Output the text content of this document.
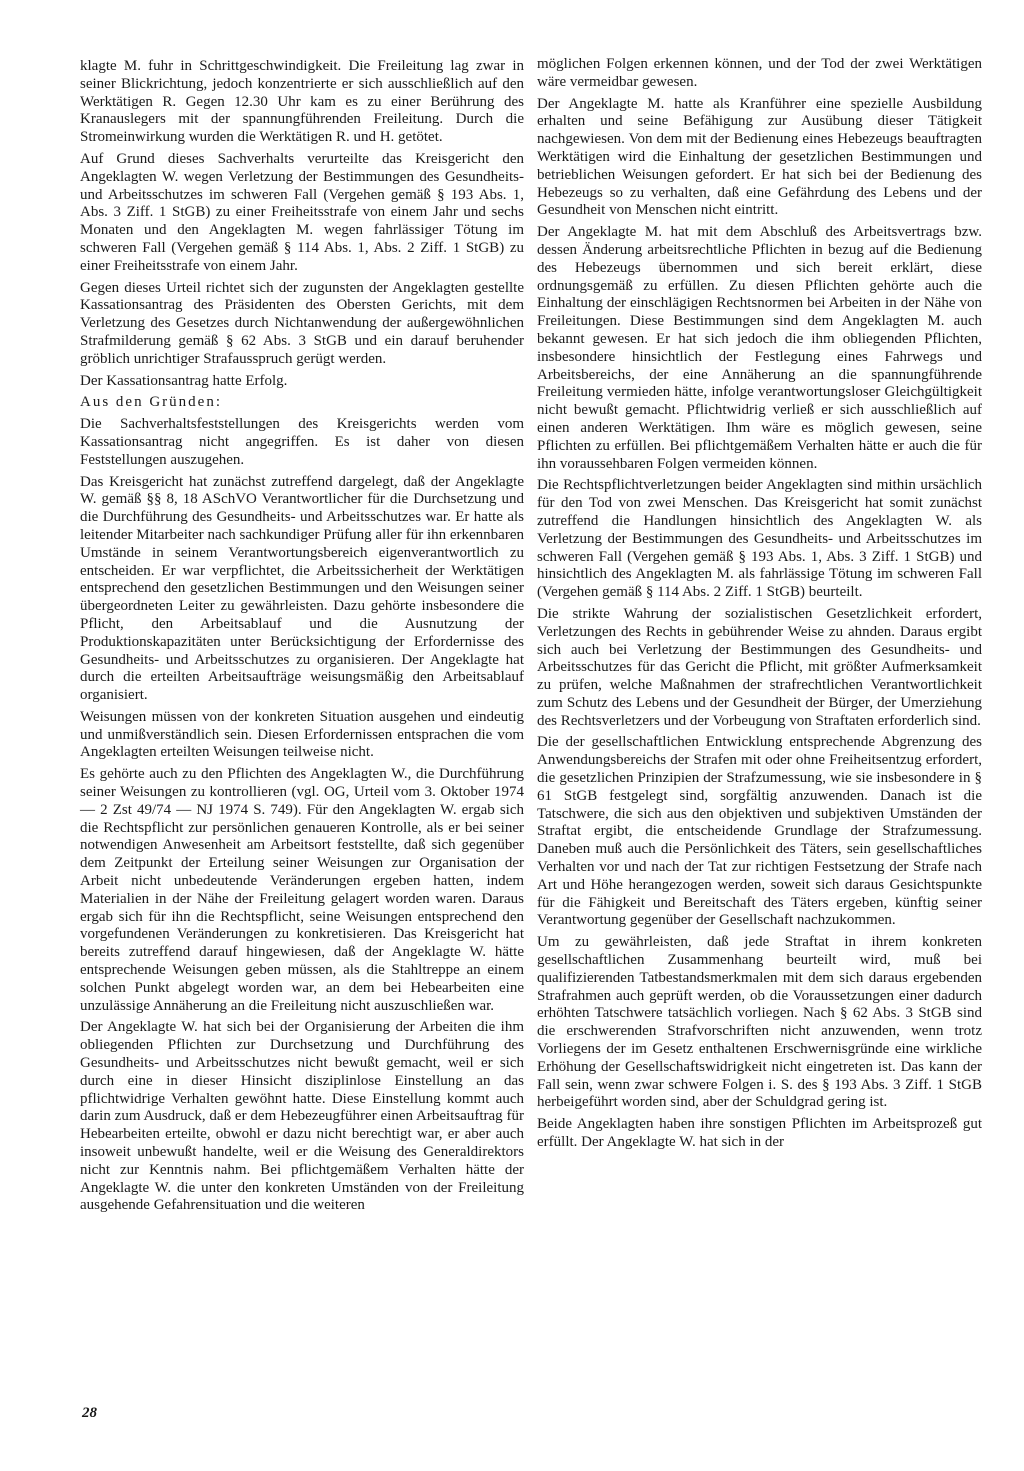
klagte M. fuhr in Schrittgeschwindigkeit. Die Freileitung lag zwar in seiner Blickrichtung, jedoch konzentrierte er sich ausschließlich auf den Werktätigen R. Gegen 12.30 Uhr kam es zu einer Berührung des Kranauslegers mit der spannungführenden Freileitung. Durch die Stromeinwirkung wurden die Werktätigen R. und H. getötet.

Auf Grund dieses Sachverhalts verurteilte das Kreisgericht den Angeklagten W. wegen Verletzung der Bestimmungen des Gesundheits- und Arbeitsschutzes im schweren Fall (Vergehen gemäß § 193 Abs. 1, Abs. 3 Ziff. 1 StGB) zu einer Freiheitsstrafe von einem Jahr und sechs Monaten und den Angeklagten M. wegen fahrlässiger Tötung im schweren Fall (Vergehen gemäß § 114 Abs. 1, Abs. 2 Ziff. 1 StGB) zu einer Freiheitsstrafe von einem Jahr.

Gegen dieses Urteil richtet sich der zugunsten der Angeklagten gestellte Kassationsantrag des Präsidenten des Obersten Gerichts, mit dem Verletzung des Gesetzes durch Nichtanwendung der außergewöhnlichen Strafmilderung gemäß § 62 Abs. 3 StGB und ein darauf beruhender gröblich unrichtiger Strafausspruch gerügt werden.

Der Kassationsantrag hatte Erfolg.

Aus den Gründen:

Die Sachverhaltsfeststellungen des Kreisgerichts werden vom Kassationsantrag nicht angegriffen. Es ist daher von diesen Feststellungen auszugehen.

Das Kreisgericht hat zunächst zutreffend dargelegt, daß der Angeklagte W. gemäß §§ 8, 18 ASchVO Verantwortlicher für die Durchsetzung und die Durchführung des Gesundheits- und Arbeitsschutzes war. Er hatte als leitender Mitarbeiter nach sachkundiger Prüfung aller für ihn erkennbaren Umstände in seinem Verantwortungsbereich eigenverantwortlich zu entscheiden. Er war verpflichtet, die Arbeitssicherheit der Werktätigen entsprechend den gesetzlichen Bestimmungen und den Weisungen seiner übergeordneten Leiter zu gewährleisten. Dazu gehörte insbesondere die Pflicht, den Arbeitsablauf und die Ausnutzung der Produktionskapazitäten unter Berücksichtigung der Erfordernisse des Gesundheits- und Arbeitsschutzes zu organisieren. Der Angeklagte hat durch die erteilten Arbeitsaufträge weisungsmäßig den Arbeitsablauf organisiert.

Weisungen müssen von der konkreten Situation ausgehen und eindeutig und unmißverständlich sein. Diesen Erfordernissen entsprachen die vom Angeklagten erteilten Weisungen teilweise nicht.

Es gehörte auch zu den Pflichten des Angeklagten W., die Durchführung seiner Weisungen zu kontrollieren (vgl. OG, Urteil vom 3. Oktober 1974 — 2 Zst 49/74 — NJ 1974 S. 749). Für den Angeklagten W. ergab sich die Rechtspflicht zur persönlichen genaueren Kontrolle, als er bei seiner notwendigen Anwesenheit am Arbeitsort feststellte, daß sich gegenüber dem Zeitpunkt der Erteilung seiner Weisungen zur Organisation der Arbeit nicht unbedeutende Veränderungen ergeben hatten, indem Materialien in der Nähe der Freileitung gelagert worden waren. Daraus ergab sich für ihn die Rechtspflicht, seine Weisungen entsprechend den vorgefundenen Veränderungen zu konkretisieren. Das Kreisgericht hat bereits zutreffend darauf hingewiesen, daß der Angeklagte W. hätte entsprechende Weisungen geben müssen, als die Stahltreppe an einem solchen Punkt abgelegt worden war, an dem bei Hebearbeiten eine unzulässige Annäherung an die Freileitung nicht auszuschließen war.

Der Angeklagte W. hat sich bei der Organisierung der Arbeiten die ihm obliegenden Pflichten zur Durchsetzung und Durchführung des Gesundheits- und Arbeitsschutzes nicht bewußt gemacht, weil er sich durch eine in dieser Hinsicht disziplinlose Einstellung an das pflichtwidrige Verhalten gewöhnt hatte. Diese Einstellung kommt auch darin zum Ausdruck, daß er dem Hebezeugführer einen Arbeitsauftrag für Hebearbeiten erteilte, obwohl er dazu nicht berechtigt war, er aber auch insoweit unbewußt handelte, weil er die Weisung des Generaldirektors nicht zur Kenntnis nahm. Bei pflichtgemäßem Verhalten hätte der Angeklagte W. die unter den konkreten Umständen von der Freileitung ausgehende Gefahrensituation und die weiteren

möglichen Folgen erkennen können, und der Tod der zwei Werktätigen wäre vermeidbar gewesen.

Der Angeklagte M. hatte als Kranführer eine spezielle Ausbildung erhalten und seine Befähigung zur Ausübung dieser Tätigkeit nachgewiesen. Von dem mit der Bedienung eines Hebezeugs beauftragten Werktätigen wird die Einhaltung der gesetzlichen Bestimmungen und betrieblichen Weisungen gefordert. Er hat sich bei der Bedienung des Hebezeugs so zu verhalten, daß eine Gefährdung des Lebens und der Gesundheit von Menschen nicht eintritt.

Der Angeklagte M. hat mit dem Abschluß des Arbeitsvertrags bzw. dessen Änderung arbeitsrechtliche Pflichten in bezug auf die Bedienung des Hebezeugs übernommen und sich bereit erklärt, diese ordnungsgemäß zu erfüllen. Zu diesen Pflichten gehörte auch die Einhaltung der einschlägigen Rechtsnormen bei Arbeiten in der Nähe von Freileitungen. Diese Bestimmungen sind dem Angeklagten M. auch bekannt gewesen. Er hat sich jedoch die ihm obliegenden Pflichten, insbesondere hinsichtlich der Festlegung eines Fahrwegs und Arbeitsbereichs, der eine Annäherung an die spannungführende Freileitung vermieden hätte, infolge verantwortungsloser Gleichgültigkeit nicht bewußt gemacht. Pflichtwidrig verließ er sich ausschließlich auf einen anderen Werktätigen. Ihm wäre es möglich gewesen, seine Pflichten zu erfüllen. Bei pflichtgemäßem Verhalten hätte er auch die für ihn voraussehbaren Folgen vermeiden können.

Die Rechtspflichtverletzungen beider Angeklagten sind mithin ursächlich für den Tod von zwei Menschen. Das Kreisgericht hat somit zunächst zutreffend die Handlungen hinsichtlich des Angeklagten W. als Verletzung der Bestimmungen des Gesundheits- und Arbeitsschutzes im schweren Fall (Vergehen gemäß § 193 Abs. 1, Abs. 3 Ziff. 1 StGB) und hinsichtlich des Angeklagten M. als fahrlässige Tötung im schweren Fall (Vergehen gemäß § 114 Abs. 2 Ziff. 1 StGB) beurteilt.

Die strikte Wahrung der sozialistischen Gesetzlichkeit erfordert, Verletzungen des Rechts in gebührender Weise zu ahnden. Daraus ergibt sich auch bei Verletzung der Bestimmungen des Gesundheits- und Arbeitsschutzes für das Gericht die Pflicht, mit größter Aufmerksamkeit zu prüfen, welche Maßnahmen der strafrechtlichen Verantwortlichkeit zum Schutz des Lebens und der Gesundheit der Bürger, der Umerziehung des Rechtsverletzers und der Vorbeugung von Straftaten erforderlich sind.

Die der gesellschaftlichen Entwicklung entsprechende Abgrenzung des Anwendungsbereichs der Strafen mit oder ohne Freiheitsentzug erfordert, die gesetzlichen Prinzipien der Strafzumessung, wie sie insbesondere in § 61 StGB festgelegt sind, sorgfältig anzuwenden. Danach ist die Tatschwere, die sich aus den objektiven und subjektiven Umständen der Straftat ergibt, die entscheidende Grundlage der Strafzumessung. Daneben muß auch die Persönlichkeit des Täters, sein gesellschaftliches Verhalten vor und nach der Tat zur richtigen Festsetzung der Strafe nach Art und Höhe herangezogen werden, soweit sich daraus Gesichtspunkte für die Fähigkeit und Bereitschaft des Täters ergeben, künftig seiner Verantwortung gegenüber der Gesellschaft nachzukommen.

Um zu gewährleisten, daß jede Straftat in ihrem konkreten gesellschaftlichen Zusammenhang beurteilt wird, muß bei qualifizierenden Tatbestandsmerkmalen mit dem sich daraus ergebenden Strafrahmen auch geprüft werden, ob die Voraussetzungen einer dadurch erhöhten Tatschwere tatsächlich vorliegen. Nach § 62 Abs. 3 StGB sind die erschwerenden Strafvorschriften nicht anzuwenden, wenn trotz Vorliegens der im Gesetz enthaltenen Erschwernisgründe eine wirkliche Erhöhung der Gesellschaftswidrigkeit nicht eingetreten ist. Das kann der Fall sein, wenn zwar schwere Folgen i. S. des § 193 Abs. 3 Ziff. 1 StGB herbeigeführt worden sind, aber der Schuldgrad gering ist.

Beide Angeklagten haben ihre sonstigen Pflichten im Arbeitsprozeß gut erfüllt. Der Angeklagte W. hat sich in der

28
